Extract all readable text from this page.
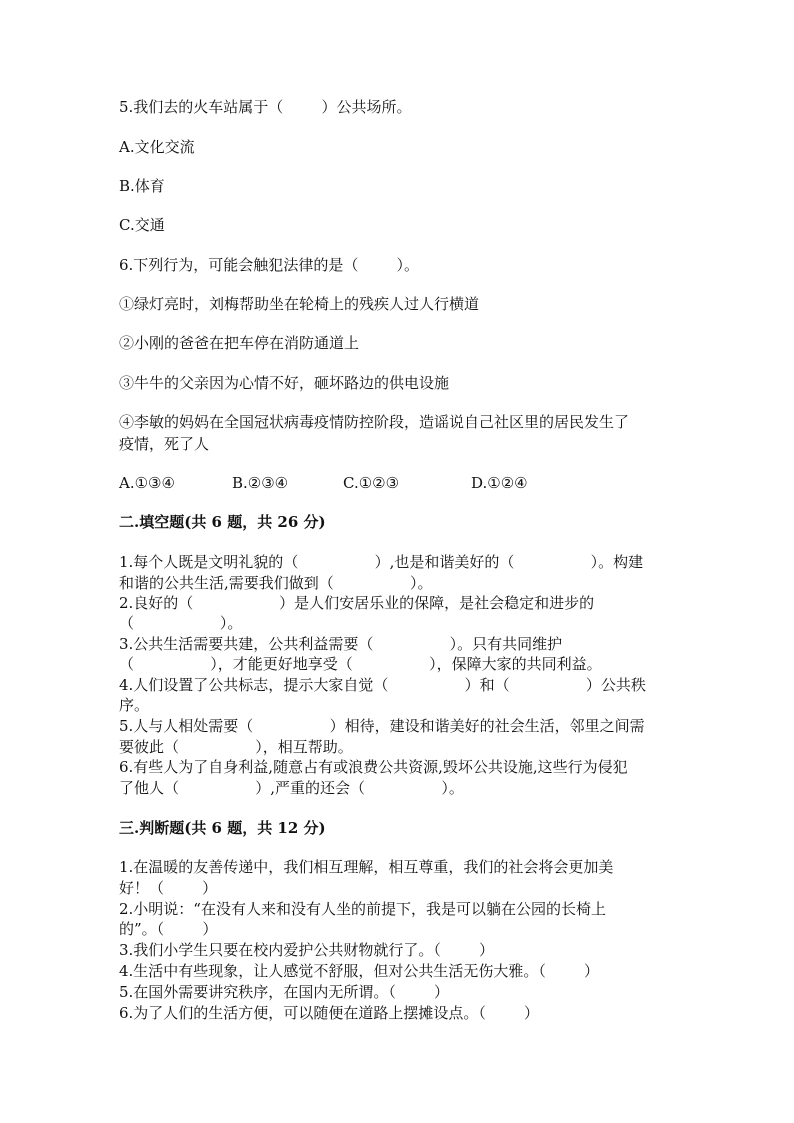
5.我们去的火车站属于（        ）公共场所。
A.文化交流
B.体育
C.交通
6.下列行为，可能会触犯法律的是（        ）。
①绿灯亮时，刘梅帮助坐在轮椅上的残疾人过人行横道
②小刚的爸爸在把车停在消防通道上
③牛牛的父亲因为心情不好，砸坏路边的供电设施
④李敏的妈妈在全国冠状病毒疫情防控阶段，造谣说自己社区里的居民发生了
疫情，死了人
A.①③④	B.②③④	C.①②③	D.①②④
二.填空题(共 6 题，共 26 分)
1.每个人既是文明礼貌的（                ）,也是和谐美好的（                ）。构建
和谐的公共生活,需要我们做到（                ）。
2.良好的（                  ）是人们安居乐业的保障，是社会稳定和进步的
（                  ）。
3.公共生活需要共建，公共利益需要（                ）。只有共同维护
（                ），才能更好地享受（                ），保障大家的共同利益。
4.人们设置了公共标志，提示大家自觉（                ）和（                ）公共秩
序。
5.人与人相处需要（                ）相待，建设和谐美好的社会生活，邻里之间需
要彼此（                ），相互帮助。
6.有些人为了自身利益,随意占有或浪费公共资源,毁坏公共设施,这些行为侵犯
了他人（                ）,严重的还会（                ）。
三.判断题(共 6 题，共 12 分)
1.在温暖的友善传递中，我们相互理解，相互尊重，我们的社会将会更加美
好！（        ）
2.小明说：“在没有人来和没有人坐的前提下，我是可以躺在公园的长椅上
的”。（        ）
3.我们小学生只要在校内爱护公共财物就行了。（        ）
4.生活中有些现象，让人感觉不舒服，但对公共生活无伤大雅。（        ）
5.在国外需要讲究秩序，在国内无所谓。（        ）
6.为了人们的生活方便，可以随便在道路上摆摊设点。（        ）
